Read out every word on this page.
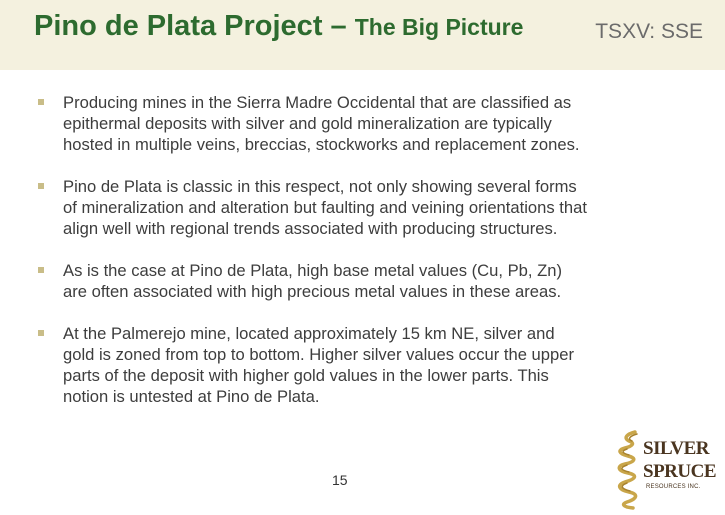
Pino de Plata Project – The Big Picture	TSXV: SSE
Producing mines in the Sierra Madre Occidental that are classified as
epithermal deposits with silver and gold mineralization are typically
hosted in multiple veins, breccias, stockworks and replacement zones.
Pino de Plata is classic in this respect, not only showing several forms
of mineralization and alteration but faulting and veining orientations that
align well with regional trends associated with producing structures.
As is the case at Pino de Plata, high base metal values (Cu, Pb, Zn)
are often associated with high precious metal values in these areas.
At the Palmerejo mine, located approximately 15 km NE, silver and
gold is zoned from top to bottom. Higher silver values occur the upper
parts of the deposit with higher gold values in the lower parts. This
notion is untested at Pino de Plata.
15
SILVER
SPRUCE
RESOURCES INC.
